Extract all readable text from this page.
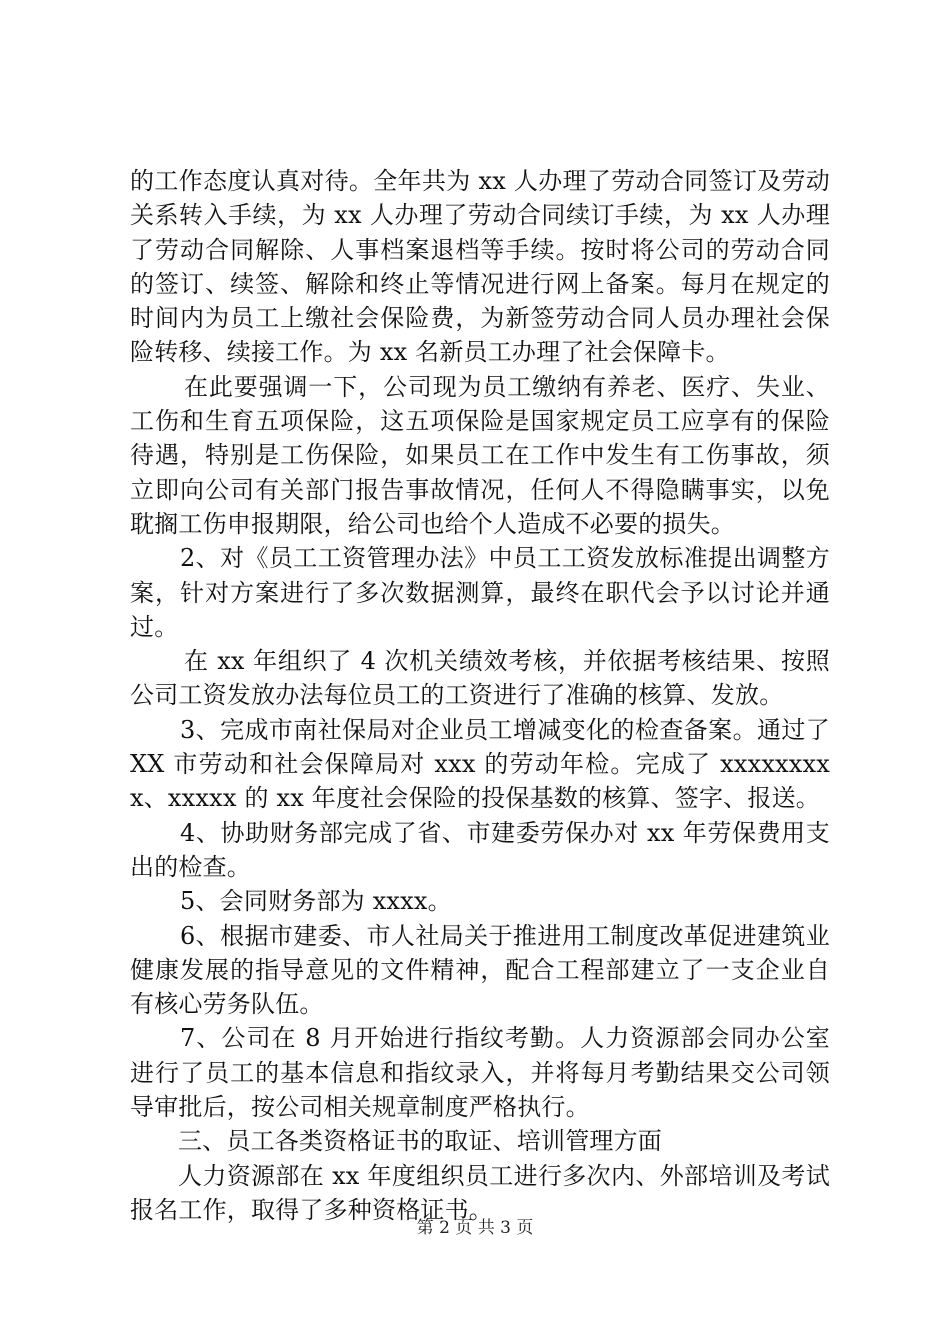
的工作态度认真对待。全年共为 xx 人办理了劳动合同签订及劳动关系转入手续，为 xx 人办理了劳动合同续订手续，为 xx 人办理了劳动合同解除、人事档案退档等手续。按时将公司的劳动合同的签订、续签、解除和终止等情况进行网上备案。每月在规定的时间内为员工上缴社会保险费，为新签劳动合同人员办理社会保险转移、续接工作。为 xx 名新员工办理了社会保障卡。

在此要强调一下，公司现为员工缴纳有养老、医疗、失业、工伤和生育五项保险，这五项保险是国家规定员工应享有的保险待遇，特别是工伤保险，如果员工在工作中发生有工伤事故，须立即向公司有关部门报告事故情况，任何人不得隐瞒事实，以免耽搁工伤申报期限，给公司也给个人造成不必要的损失。

2、对《员工工资管理办法》中员工工资发放标准提出调整方案，针对方案进行了多次数据测算，最终在职代会予以讨论并通过。

在 xx 年组织了 4 次机关绩效考核，并依据考核结果、按照公司工资发放办法每位员工的工资进行了准确的核算、发放。

3、完成市南社保局对企业员工增减变化的检查备案。通过了 XX 市劳动和社会保障局对 xxx 的劳动年检。完成了 xxxxxxxxx、xxxxx 的 xx 年度社会保险的投保基数的核算、签字、报送。

4、协助财务部完成了省、市建委劳保办对 xx 年劳保费用支出的检查。

5、会同财务部为 xxxx。

6、根据市建委、市人社局关于推进用工制度改革促进建筑业健康发展的指导意见的文件精神，配合工程部建立了一支企业自有核心劳务队伍。

7、公司在 8 月开始进行指纹考勤。人力资源部会同办公室进行了员工的基本信息和指纹录入，并将每月考勤结果交公司领导审批后，按公司相关规章制度严格执行。

三、员工各类资格证书的取证、培训管理方面

人力资源部在 xx 年度组织员工进行多次内、外部培训及考试报名工作，取得了多种资格证书。

第 2 页 共 3 页
